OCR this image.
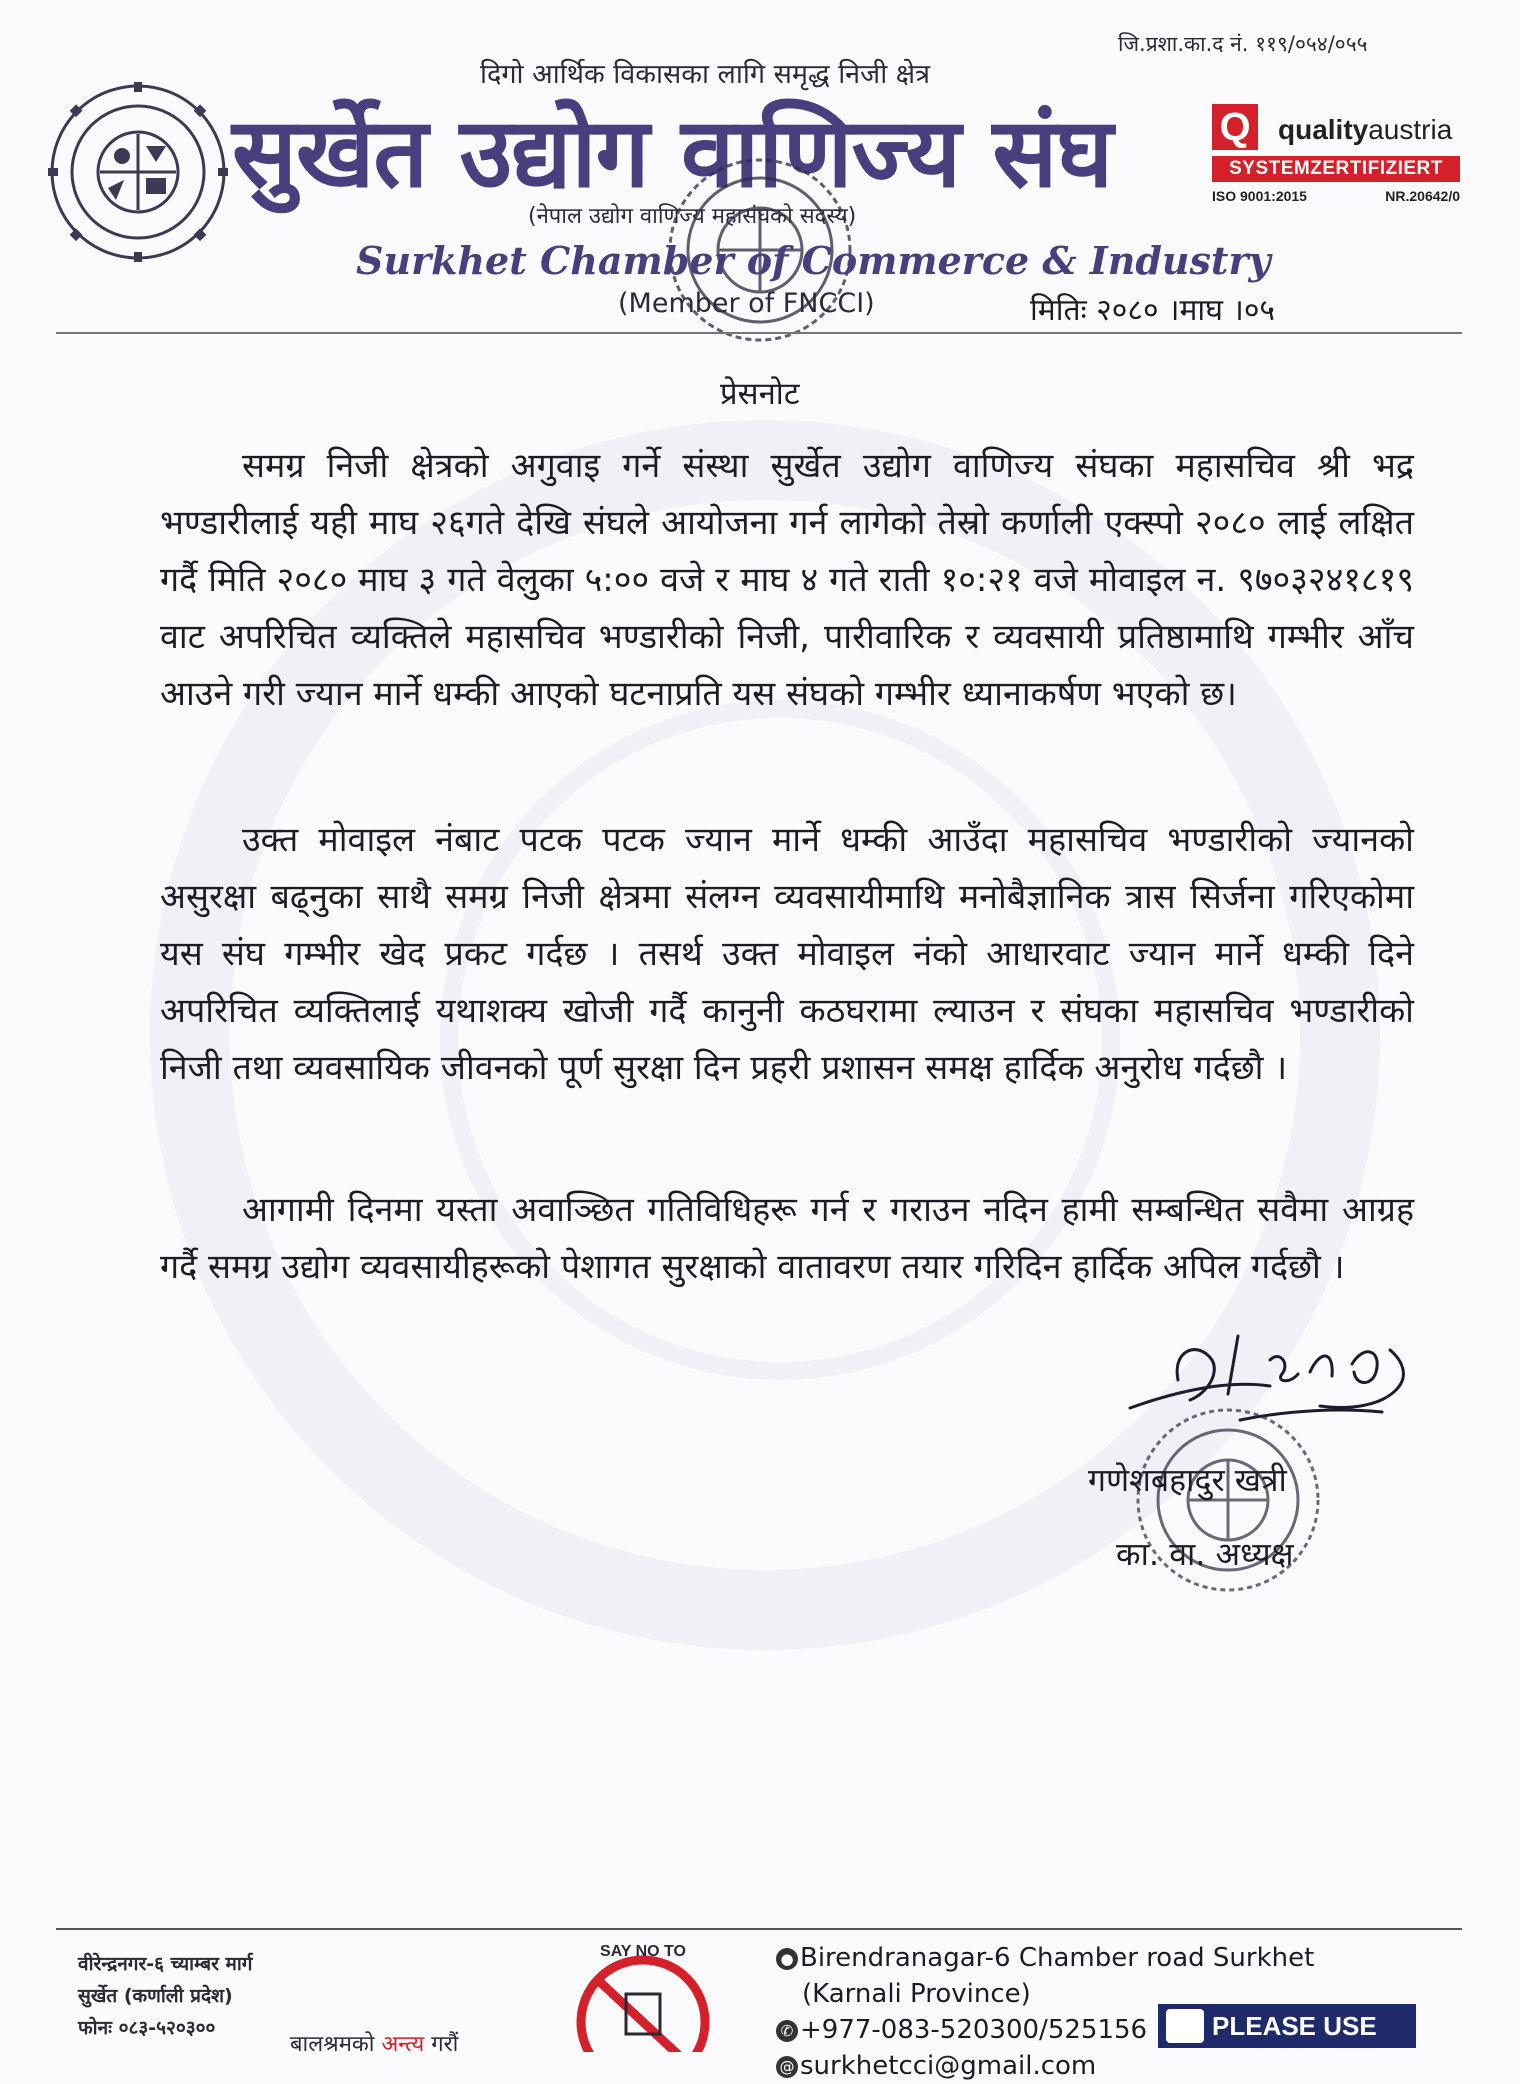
जि.प्रशा.का.द नं. ११९/०५४/०५५
दिगो आर्थिक विकासका लागि समृद्ध निजी क्षेत्र
सुर्खेत उद्योग वाणिज्य संघ
(नेपाल उद्योग वाणिज्य महासंघको सदस्य)
Surkhet Chamber of Commerce & Industry
(Member of FNCCI)	मितिः २०८० ।माघ ।०५
Q qualityaustria
SYSTEMZERTIFIZIERT
ISO 9001:2015	NR.20642/0
प्रेसनोट
समग्र निजी क्षेत्रको अगुवाइ गर्ने संस्था सुर्खेत उद्योग वाणिज्य संघका महासचिव श्री भद्र भण्डारीलाई यही माघ २६गते देखि संघले आयोजना गर्न लागेको तेस्रो कर्णाली एक्स्पो २०८० लाई लक्षित गर्दै मिति २०८० माघ ३ गते वेलुका ५:०० वजे र माघ ४ गते राती १०:२१ वजे मोवाइल न. ९७०३२४१८१९ वाट अपरिचित व्यक्तिले महासचिव भण्डारीको निजी, पारीवारिक र व्यवसायी प्रतिष्ठामाथि गम्भीर आँच आउने गरी ज्यान मार्ने धम्की आएको घटनाप्रति यस संघको गम्भीर ध्यानाकर्षण भएको छ।
उक्त मोवाइल नंबाट पटक पटक ज्यान मार्ने धम्की आउँदा महासचिव भण्डारीको ज्यानको असुरक्षा बढ्नुका साथै समग्र निजी क्षेत्रमा संलग्न व्यवसायीमाथि मनोबैज्ञानिक त्रास सिर्जना गरिएकोमा यस संघ गम्भीर खेद प्रकट गर्दछ । तसर्थ उक्त मोवाइल नंको आधारवाट ज्यान मार्ने धम्की दिने अपरिचित व्यक्तिलाई यथाशक्य खोजी गर्दै कानुनी कठघरामा ल्याउन र संघका महासचिव भण्डारीको निजी तथा व्यवसायिक जीवनको पूर्ण सुरक्षा दिन प्रहरी प्रशासन समक्ष हार्दिक अनुरोध गर्दछौ ।
आगामी दिनमा यस्ता अवाञ्छित गतिविधिहरू गर्न र गराउन नदिन हामी सम्बन्धित सवैमा आग्रह गर्दै समग्र उद्योग व्यवसायीहरूको पेशागत सुरक्षाको वातावरण तयार गरिदिन हार्दिक अपिल गर्दछौ ।
गणेशबहादुर खत्री
का. वा. अध्यक्ष
वीरेन्द्रनगर-६ च्याम्बर मार्ग
सुर्खेत (कर्णाली प्रदेश)
फोनः ०८३-५२०३००
SAY NO TO
बालश्रमको अन्त्य गरौं
● Birendranagar-6 Chamber road Surkhet
(Karnali Province)
✆ +977-083-520300/525156
@ surkhetcci@gmail.com
PLEASE USE
